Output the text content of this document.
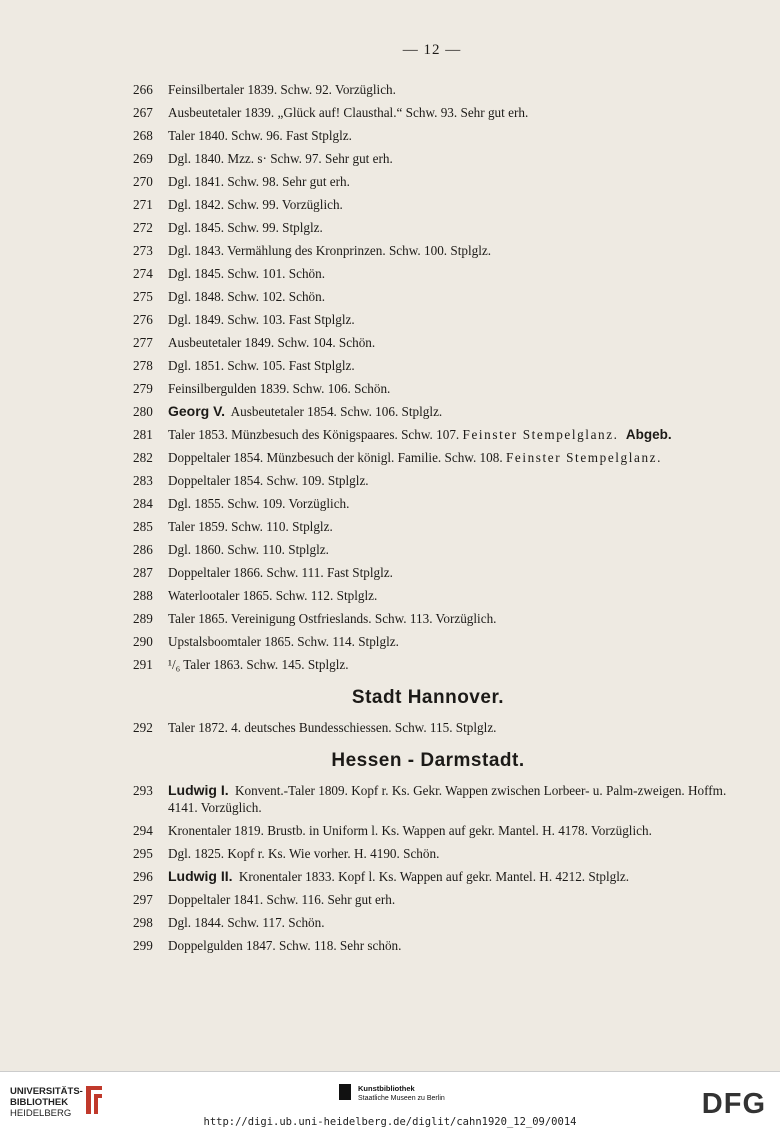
— 12 —
266	Feinsilbertaler 1839. Schw. 92. Vorzüglich.
267	Ausbeutetaler 1839. „Glück auf! Clausthal.“ Schw. 93. Sehr gut erh.
268	Taler 1840. Schw. 96. Fast Stplglz.
269	Dgl. 1840. Mzz. s· Schw. 97. Sehr gut erh.
270	Dgl. 1841. Schw. 98. Sehr gut erh.
271	Dgl. 1842. Schw. 99. Vorzüglich.
272	Dgl. 1845. Schw. 99. Stplglz.
273	Dgl. 1843. Vermählung des Kronprinzen. Schw. 100. Stplglz.
274	Dgl. 1845. Schw. 101. Schön.
275	Dgl. 1848. Schw. 102. Schön.
276	Dgl. 1849. Schw. 103. Fast Stplglz.
277	Ausbeutetaler 1849. Schw. 104. Schön.
278	Dgl. 1851. Schw. 105. Fast Stplglz.
279	Feinsilbergulden 1839. Schw. 106. Schön.
280	Georg V. Ausbeutetaler 1854. Schw. 106. Stplglz.
281	Taler 1853. Münzbesuch des Königspaares. Schw. 107. Feinster Stempelglanz. Abgeb.
282	Doppeltaler 1854. Münzbesuch der königl. Familie. Schw. 108. Feinster Stempelglanz.
283	Doppeltaler 1854. Schw. 109. Stplglz.
284	Dgl. 1855. Schw. 109. Vorzüglich.
285	Taler 1859. Schw. 110. Stplglz.
286	Dgl. 1860. Schw. 110. Stplglz.
287	Doppeltaler 1866. Schw. 111. Fast Stplglz.
288	Waterlootaler 1865. Schw. 112. Stplglz.
289	Taler 1865. Vereinigung Ostfrieslands. Schw. 113. Vorzüglich.
290	Upstalsboomtaler 1865. Schw. 114. Stplglz.
291	¹/₆ Taler 1863. Schw. 145. Stplglz.
Stadt Hannover.
292	Taler 1872. 4. deutsches Bundesschiessen. Schw. 115. Stplglz.
Hessen - Darmstadt.
293	Ludwig I. Konvent.-Taler 1809. Kopf r. Ks. Gekr. Wappen zwischen Lorbeer- u. Palm-zweigen. Hoffm. 4141. Vorzüglich.
294	Kronentaler 1819. Brustb. in Uniform l. Ks. Wappen auf gekr. Mantel. H. 4178. Vorzüglich.
295	Dgl. 1825. Kopf r. Ks. Wie vorher. H. 4190. Schön.
296	Ludwig II. Kronentaler 1833. Kopf l. Ks. Wappen auf gekr. Mantel. H. 4212. Stplglz.
297	Doppeltaler 1841. Schw. 116. Sehr gut erh.
298	Dgl. 1844. Schw. 117. Schön.
299	Doppelgulden 1847. Schw. 118. Sehr schön.
UNIVERSITÄTS-
BIBLIOTHEK
HEIDELBERG
Kunstbibliothek
Staatliche Museen zu Berlin	DFG
http://digi.ub.uni-heidelberg.de/diglit/cahn1920_12_09/0014
